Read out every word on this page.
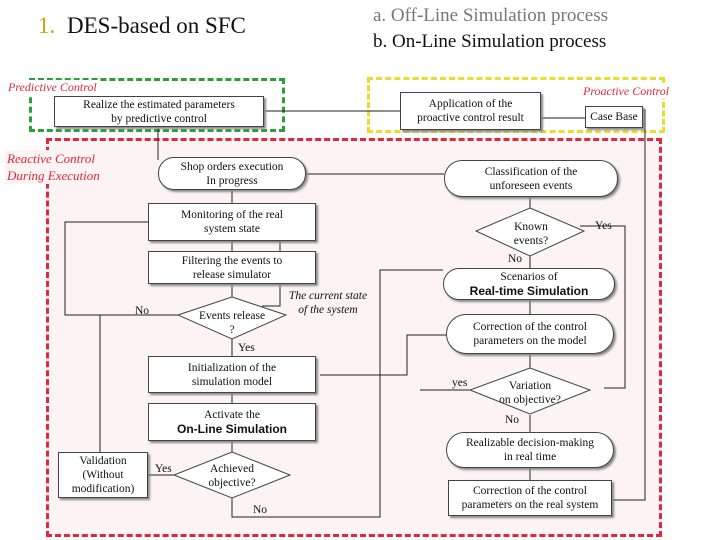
1. DES-based on SFC	a. Off-Line Simulation process
b. On-Line Simulation process
Predictive Control	Proactive Control
Reactive Control
During Execution
Realize the estimated parameters
by predictive control
Application of the
proactive control result	Case Base
Shop orders execution
In progress
Classification of the
unforeseen events
Monitoring of the real
system state	Known
events?
Yes
No
Filtering the events to
release simulator	Scenarios of
Real-time Simulation
The current state
of the system
Events release
?
No
Yes
Correction of the control
parameters on the model
Initialization of the
simulation model	Variation
on objective?
yes
No
Activate the
On-Line Simulation
Realizable decision-making
in real time
Validation
(Without
modification)
Achieved
objective?
Yes
No
Correction of the control
parameters on the real system
